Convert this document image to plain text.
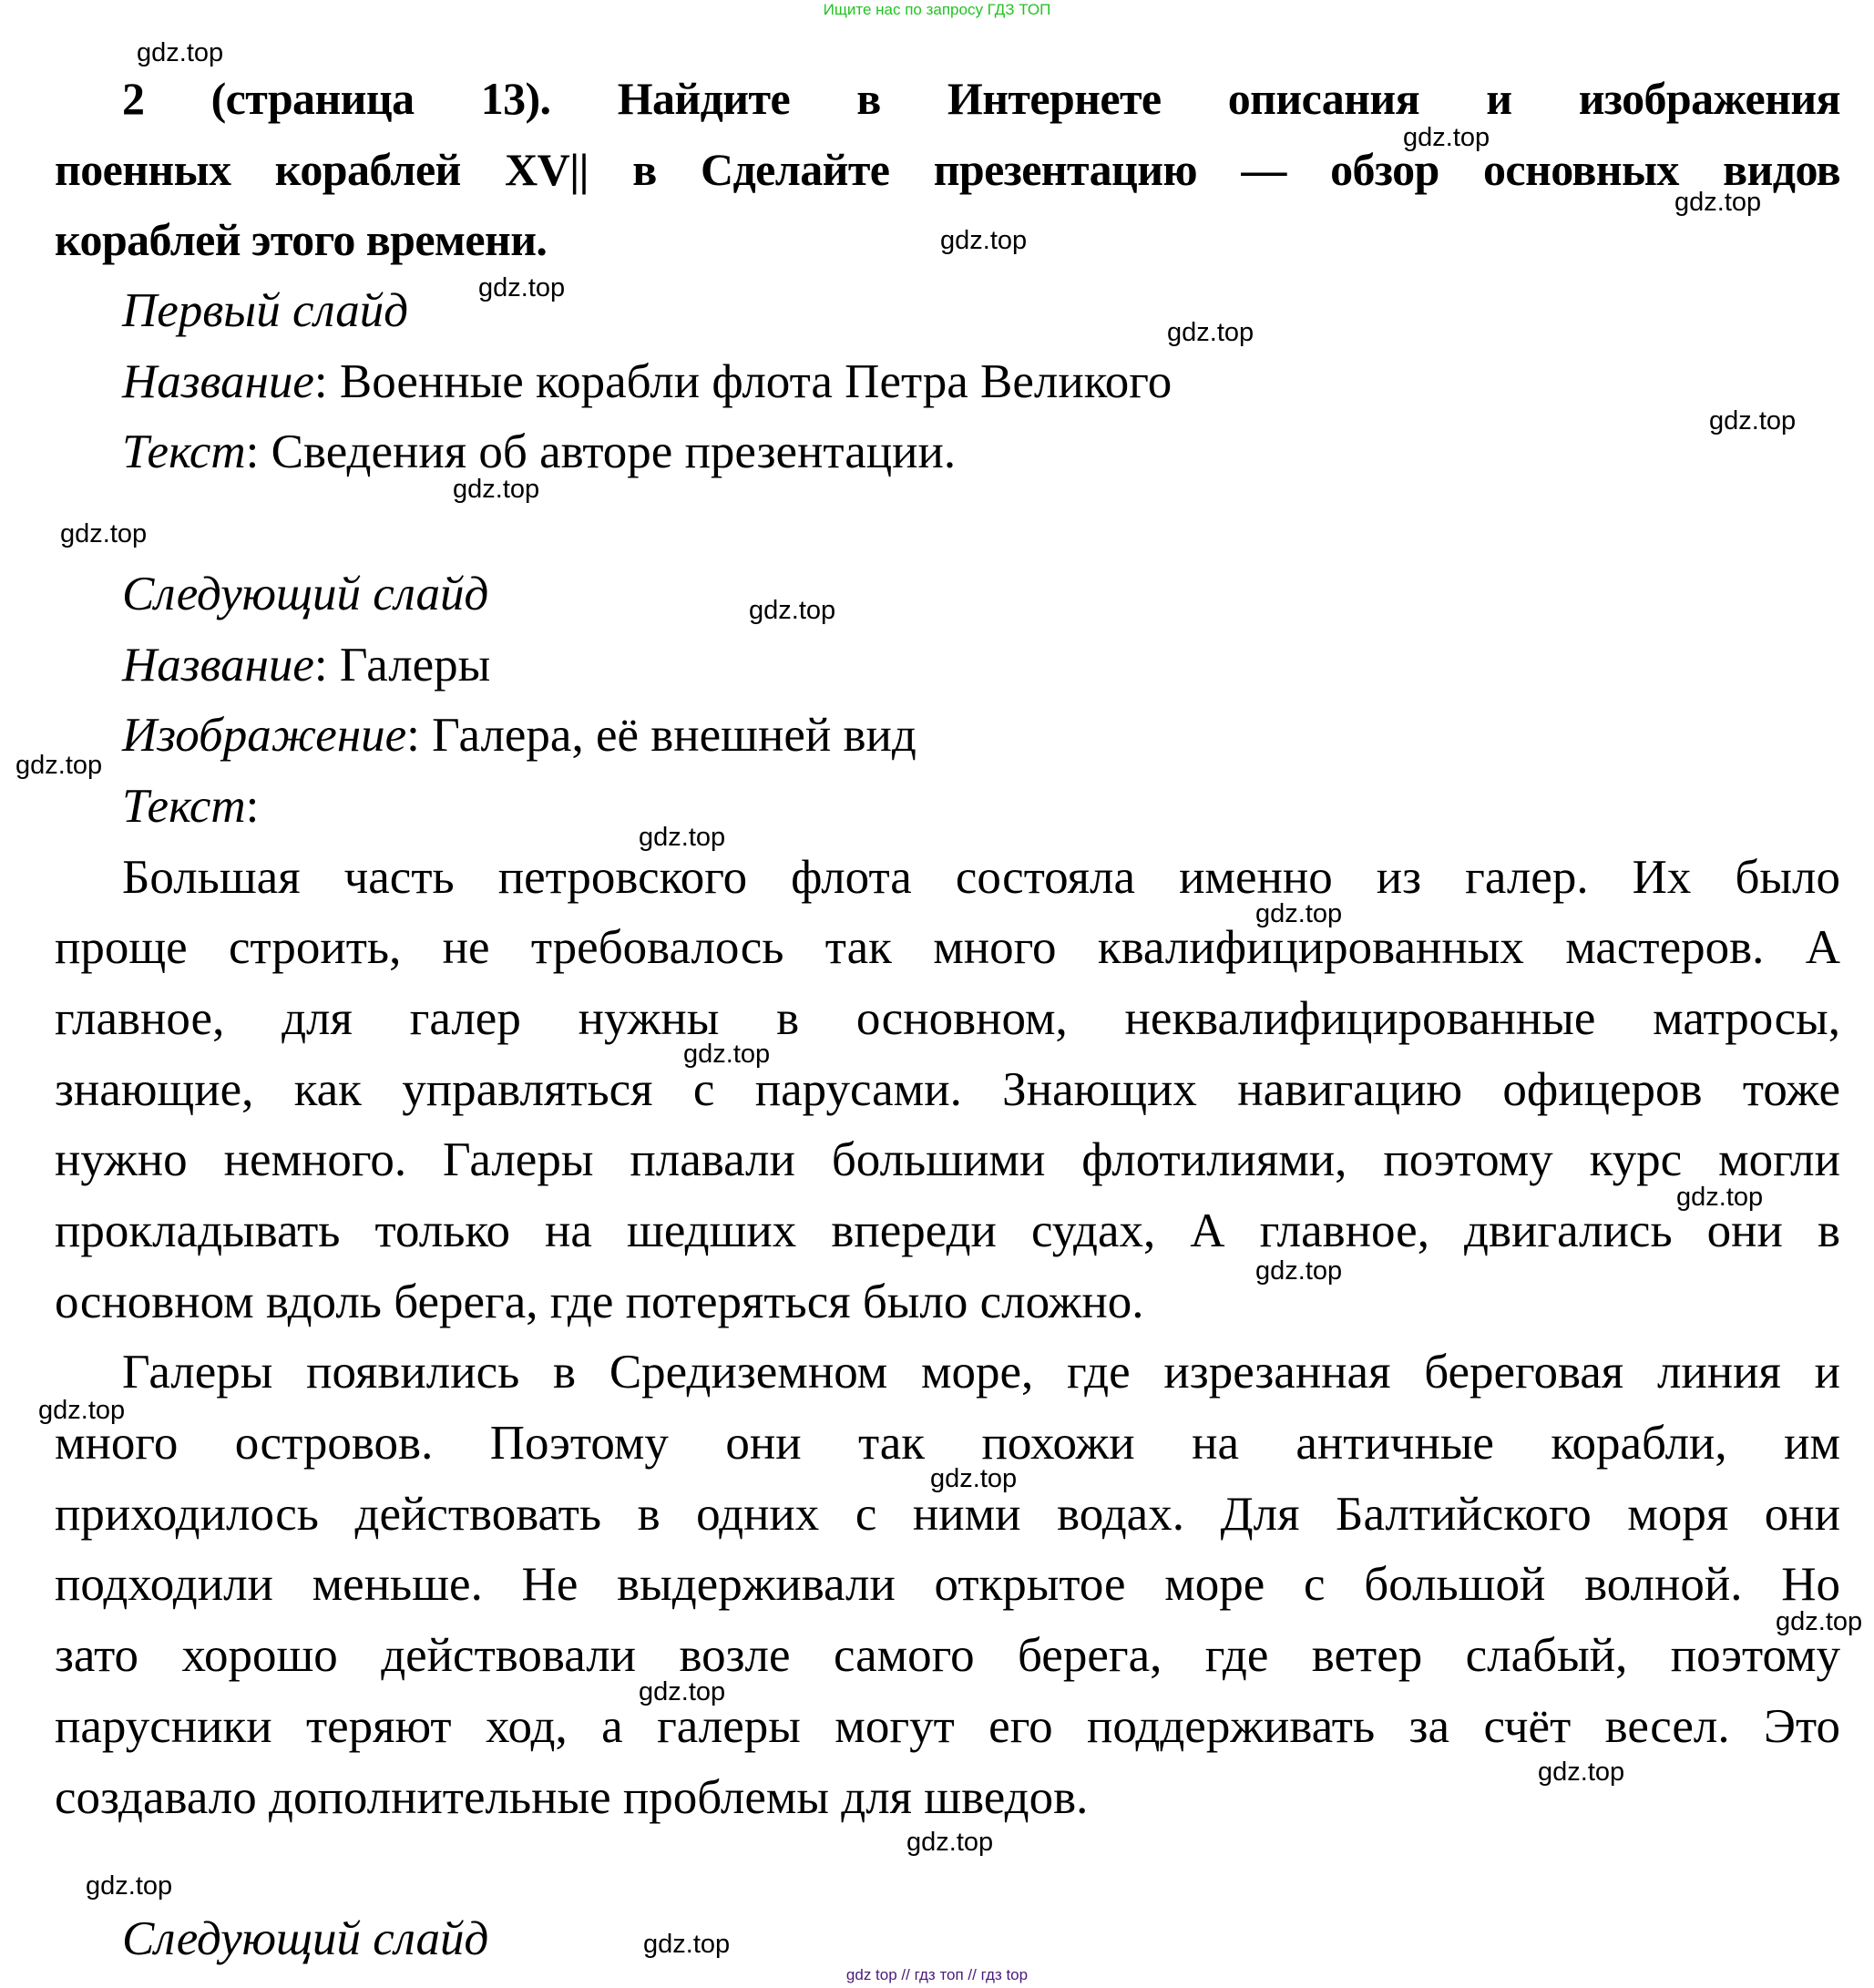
Ищите нас по запросу ГДЗ ТОП
2 (страница 13). Найдите в Интернете описания и изображения
поенных кораблей XV|| в Сделайте презентацию — обзор основных видов
кораблей этого времени.
Первый слайд
Название: Военные корабли флота Петра Великого
Текст: Сведения об авторе презентации.
Следующий слайд
Название: Галеры
Изображение: Галера, её внешней вид
Текст:
Большая часть петровского флота состояла именно из галер. Их было
проще строить, не требовалось так много квалифицированных мастеров. А
главное, для галер нужны в основном, неквалифицированные матросы,
знающие, как управляться с парусами. Знающих навигацию офицеров тоже
нужно немного. Галеры плавали большими флотилиями, поэтому курс могли
прокладывать только на шедших впереди судах, А главное, двигались они в
основном вдоль берега, где потеряться было сложно.
Галеры появились в Средиземном море, где изрезанная береговая линия и
много островов. Поэтому они так похожи на античные корабли, им
приходилось действовать в одних с ними водах. Для Балтийского моря они
подходили меньше. Не выдерживали открытое море с большой волной. Но
зато хорошо действовали возле самого берега, где ветер слабый, поэтому
парусники теряют ход, а галеры могут его поддерживать за счёт весел. Это
создавало дополнительные проблемы для шведов.
Следующий слайд
gdz.top
gdz.top
gdz.top
gdz.top
gdz.top
gdz.top
gdz.top
gdz.top
gdz.top
gdz.top
gdz.top
gdz.top
gdz.top
gdz.top
gdz.top
gdz.top
gdz.top
gdz.top
gdz.top
gdz.top
gdz.top
gdz.top
gdz.top
gdz.top
gdz top // гдз топ // гдз top
